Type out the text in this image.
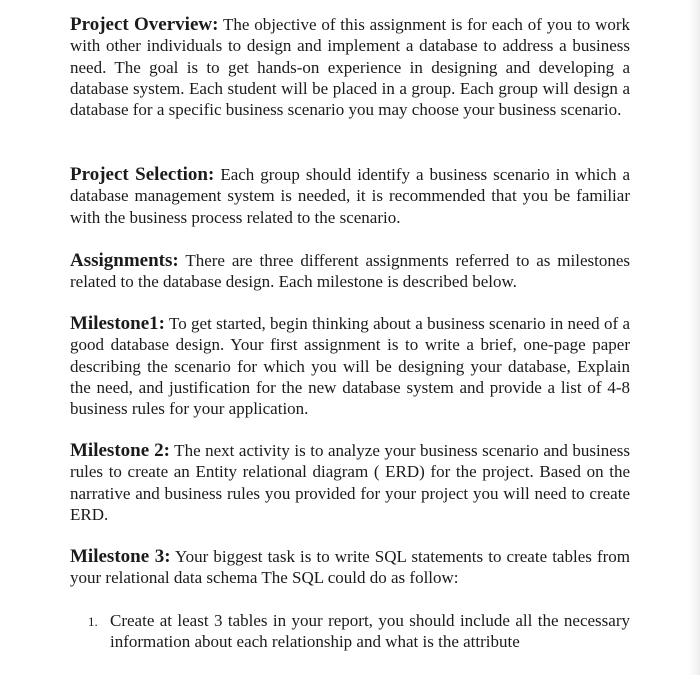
Project Overview: The objective of this assignment is for each of you to work with other individuals to design and implement a database to address a business need. The goal is to get hands-on experience in designing and developing a database system. Each student will be placed in a group. Each group will design a database for a specific business scenario you may choose your business scenario.
Project Selection: Each group should identify a business scenario in which a database management system is needed, it is recommended that you be familiar with the business process related to the scenario.
Assignments: There are three different assignments referred to as milestones related to the database design. Each milestone is described below.
Milestone1: To get started, begin thinking about a business scenario in need of a good database design. Your first assignment is to write a brief, one-page paper describing the scenario for which you will be designing your database, Explain the need, and justification for the new database system and provide a list of 4-8 business rules for your application.
Milestone 2: The next activity is to analyze your business scenario and business rules to create an Entity relational diagram ( ERD) for the project. Based on the narrative and business rules you provided for your project you will need to create ERD.
Milestone 3: Your biggest task is to write SQL statements to create tables from your relational data schema The SQL could do as follow:
1. Create at least 3 tables in your report, you should include all the necessary information about each relationship and what is the attribute
